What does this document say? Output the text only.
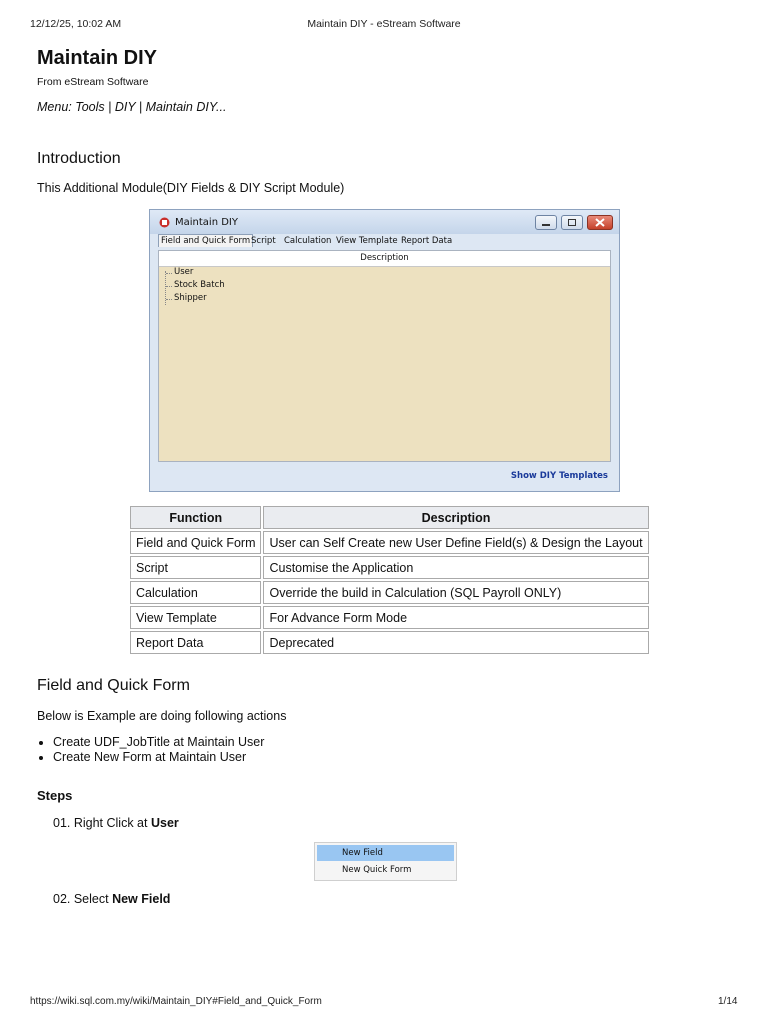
12/12/25, 10:02 AM	Maintain DIY - eStream Software
Maintain DIY
From eStream Software
Menu: Tools | DIY | Maintain DIY...
Introduction
This Additional Module(DIY Fields & DIY Script Module)
Maintain DIY
Field and Quick Form Script Calculation View Template Report Data
Description
User
Stock Batch
Shipper
Show DIY Templates
Function	Description
Field and Quick Form	User can Self Create new User Define Field(s) & Design the Layout
Script	Customise the Application
Calculation	Override the build in Calculation (SQL Payroll ONLY)
View Template	For Advance Form Mode
Report Data	Deprecated
Field and Quick Form
Below is Example are doing following actions
• Create UDF_JobTitle at Maintain User
• Create New Form at Maintain User
Steps
01. Right Click at User
New Field
New Quick Form
02. Select New Field
https://wiki.sql.com.my/wiki/Maintain_DIY#Field_and_Quick_Form	1/14
